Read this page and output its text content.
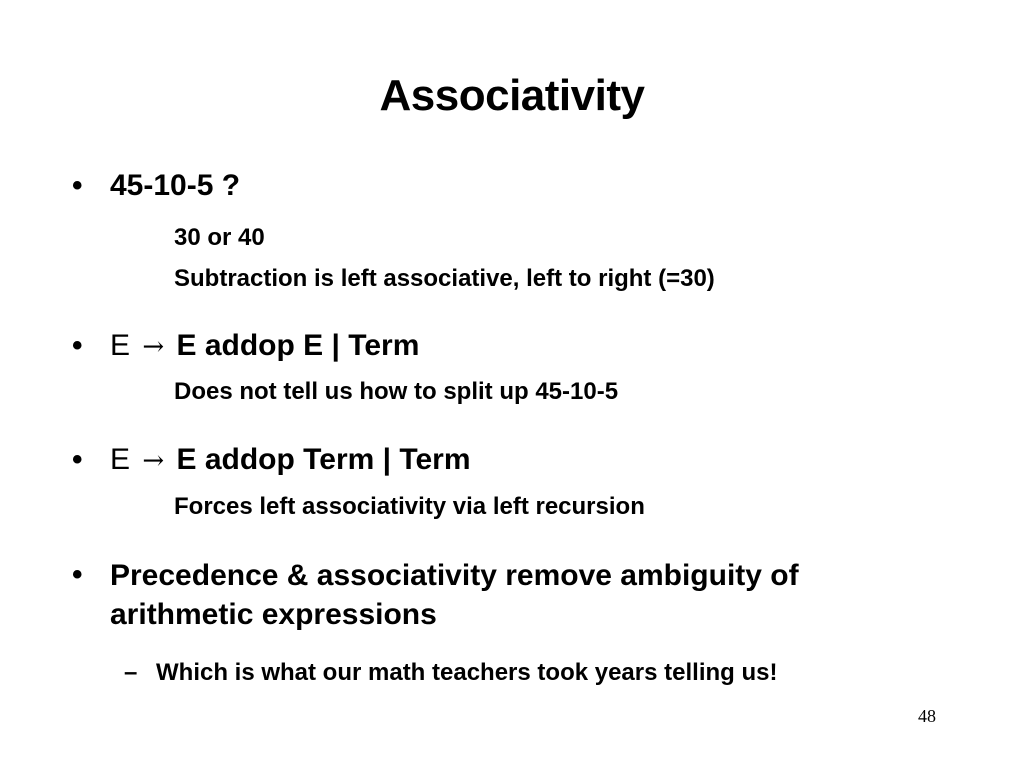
Associativity
• 45-10-5 ?
30 or 40
Subtraction is left associative, left to right (=30)
• E → E addop E | Term
Does not tell us how to split up 45-10-5
• E → E addop Term | Term
Forces left associativity via left recursion
• Precedence & associativity remove ambiguity of arithmetic expressions
– Which is what our math teachers took years telling us!
48
